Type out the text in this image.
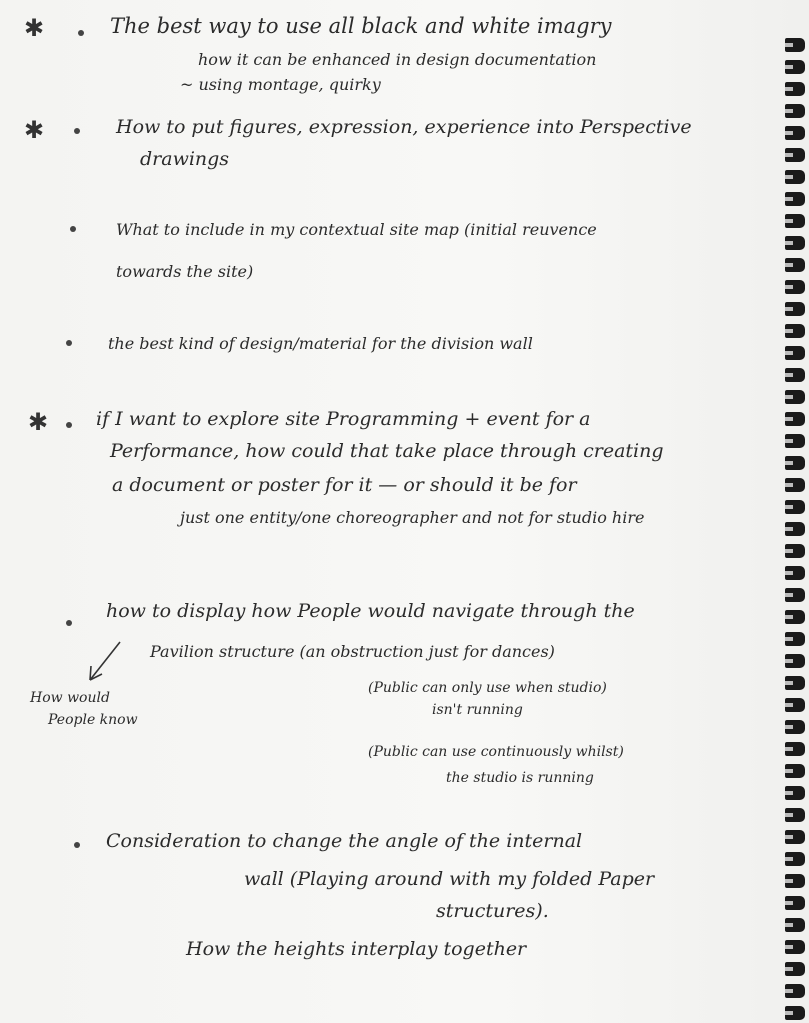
✱	The best way to use all black and white imagry
how it can be enhanced in design documentation
~ using montage, quirky
✱	How to put figures, expression, experience into Perspective
drawings
What to include in my contextual site map (initial reuvence
towards the site)
the best kind of design/material for the division wall
✱	if I want to explore site Programming + event for a
Performance, how could that take place through creating
a document or poster for it — or should it be for
just one entity/one choreographer and not for studio hire
how to display how People would navigate through the
Pavilion structure (an obstruction just for dances)
(Public can only use when studio)
isn't running
(Public can use continuously whilst)
the studio is running
How would
People know
Consideration to change the angle of the internal
wall (Playing around with my folded Paper
structures).
How the heights interplay together
